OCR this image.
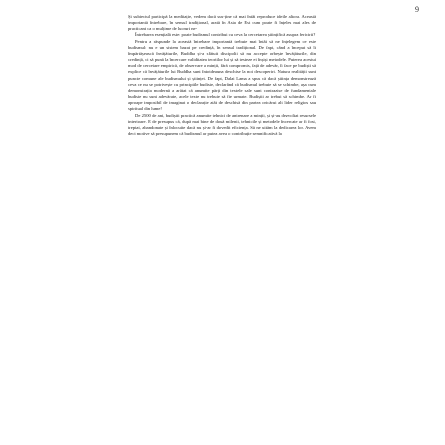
9

Și subiectul participă la meditație, vedem dacă sus-ține că mai întâi reproduce ideile altora. Această importantă întrebare, în sensul tradițional, arată în Asia de Est cum poate fi înțeles mai ales de practicant ca o mulțime de lucruri ne-

Întrebarea esențială este: poate budismul contribui cu ceva la cercetarea științifică asupra fericirii?

Pentru a răspunde la această întrebare importantă trebuie mai întâi să ne înțelegem ce este budismul: nu e un sistem bazat pe credință, în sensul tradițional. De fapt, când a început să îi împărtășească învățăturile, Buddha și-a sfătuit discipolii să nu accepte orbește învățăturile, din credință, ci să pună la încercare validitatea teoriilor lui și să testeze ei înșiși metodele. Puterea acestui mod de cercetare empirică, de observare a minții, fără compromis, față de adevăr, îi face pe budiști să explice că învățăturile lui Buddha sunt întotdeauna deschise la noi descoperiri. Natura realității sunt puncte comune ale budismului și științei. De fapt, Dalai Lama a spus că dacă știința demonstrează ceva ce nu se potrivește cu principiile budiste, declarând că budismul trebuie să se schimbe, așa cum demonstrația modernă a arătat că anumite părți din textele sale sunt contrazise de fundamentale budiste nu sunt adevărate, acele texte nu trebuie să fie urmate. Budiștii ar trebui să schimbe. Ar fi aproape imposibil de imaginat o declarație atât de deschisă din partea oricărui alt lider religios sau spiritual din lume!

De 2500 de ani, budiștii practică anumite tehnici de antrenare a minții, și și-au dezvoltat resursele interioare. E de presupus că, după mai bine de două milenii, tehnicile și metodele încercate ar fi fost, treptat, abandonate și înlocuite dacă nu și-ar fi dovedit eficiența. Să ne uităm la dedicarea lor. Avem deci motive să presupunem că budismul ar putea avea o contribuție semnificativă la
